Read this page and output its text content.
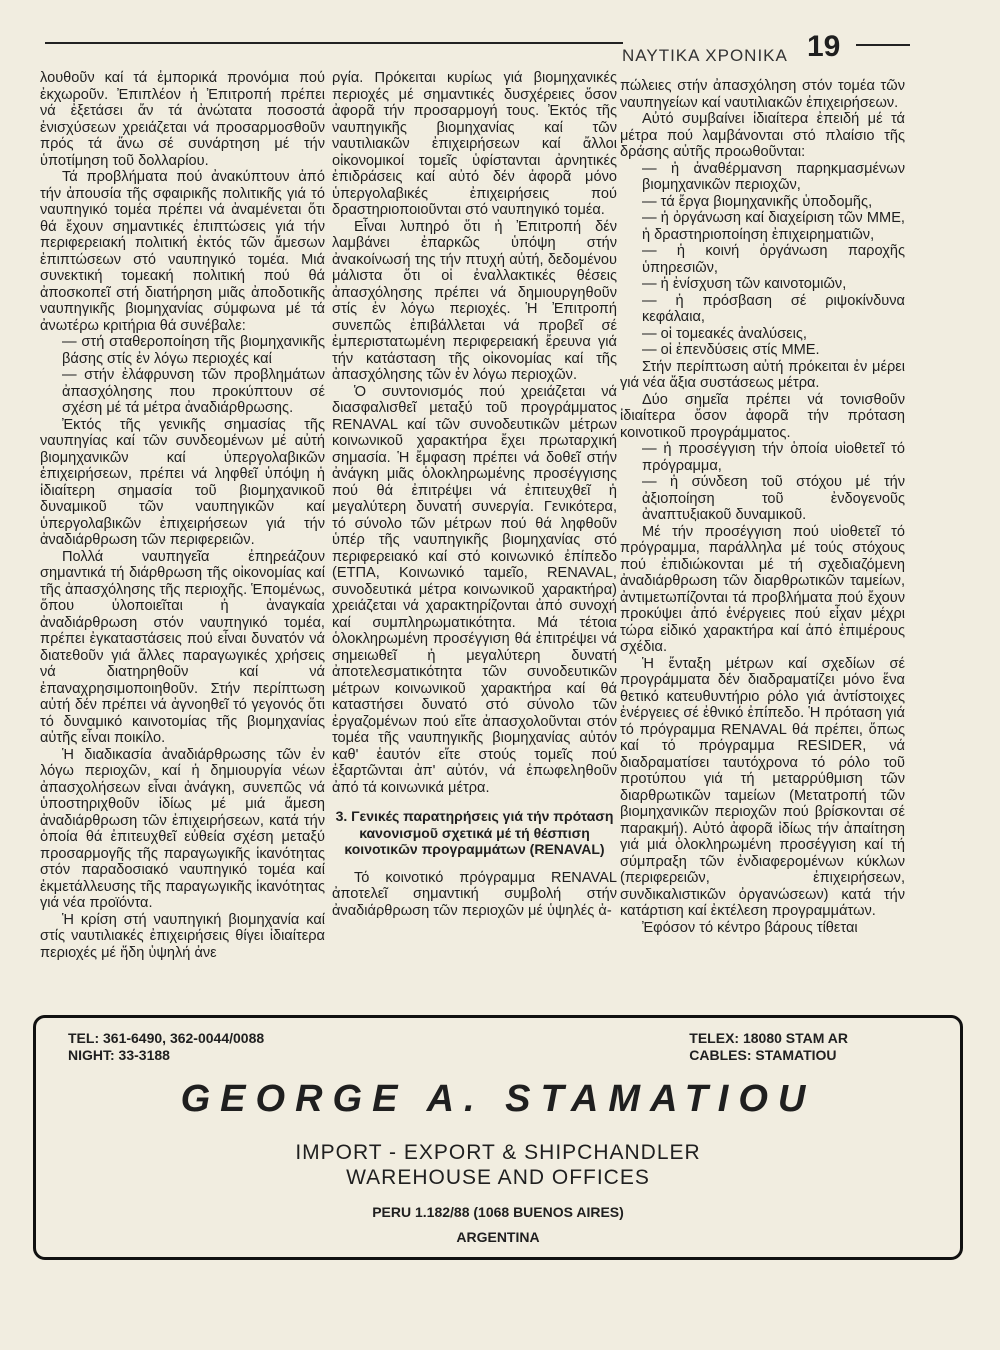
ΝΑΥΤΙΚΑ ΧΡΟΝΙΚΑ 19

λουθοῦν καί τά ἐμπορικά προνόμια πού ἐκχωροῦν. Ἐπιπλέον ἡ Ἐπιτροπή πρέπει νά ἐξετάσει ἄν τά ἀνώτατα ποσοστά ἐνισχύσεων χρειάζεται νά προσαρμοσθοῦν πρός τά ἄνω σέ συνάρτηση μέ τήν ὑποτίμηση τοῦ δολλαρίου.

Τά προβλήματα πού ἀνακύπτουν ἀπό τήν ἀπουσία τῆς σφαιρικῆς πολιτικῆς γιά τό ναυπηγικό τομέα πρέπει νά ἀναμένεται ὅτι θά ἔχουν σημαντικές ἐπιπτώσεις γιά τήν περιφερειακή πολιτική ἐκτός τῶν ἄμεσων ἐπιπτώσεων στό ναυπηγικό τομέα. Μιά συνεκτική τομεακή πολιτική πού θά ἀποσκοπεῖ στή διατήρηση μιᾶς ἀποδοτικῆς ναυπηγικῆς βιομηχανίας σύμφωνα μέ τά ἀνωτέρω κριτήρια θά συνέβαλε:

— στή σταθεροποίηση τῆς βιομηχανικῆς βάσης στίς ἐν λόγω περιοχές καί

— στήν ἐλάφρυνση τῶν προβλημάτων ἀπασχόλησης που προκύπτουν σέ σχέση μέ τά μέτρα ἀναδιάρθρωσης.

Ἐκτός τῆς γενικῆς σημασίας τῆς ναυπηγίας καί τῶν συνδεομένων μέ αὐτή βιομηχανικῶν καί ὑπεργολαβικῶν ἐπιχειρήσεων, πρέπει νά ληφθεῖ ὑπόψη ἡ ἰδιαίτερη σημασία τοῦ βιομηχανικοῦ δυναμικοῦ τῶν ναυπηγικῶν καί ὑπεργολαβικῶν ἐπιχειρήσεων γιά τήν ἀναδιάρθρωση τῶν περιφερειῶν.

Πολλά ναυπηγεῖα ἐπηρεάζουν σημαντικά τή διάρθρωση τῆς οἰκονομίας καί τῆς ἀπασχόλησης τῆς περιοχῆς. Ἑπομένως, ὅπου ὑλοποιεῖται ἡ ἀναγκαία ἀναδιάρθρωση στόν ναυπηγικό τομέα, πρέπει ἐγκαταστάσεις πού εἶναι δυνατόν νά διατεθοῦν γιά ἄλλες παραγωγικές χρήσεις νά διατηρηθοῦν καί νά ἐπαναχρησιμοποιηθοῦν. Στήν περίπτωση αὐτή δέν πρέπει νά ἀγνοηθεῖ τό γεγονός ὅτι τό δυναμικό καινοτομίας τῆς βιομηχανίας αὐτῆς εἶναι ποικίλο.

Ἡ διαδικασία ἀναδιάρθρωσης τῶν ἐν λόγω περιοχῶν, καί ἡ δημιουργία νέων ἀπασχολήσεων εἶναι ἀνάγκη, συνεπῶς νά ὑποστηριχθοῦν ἰδίως μέ μιά ἄμεση ἀναδιάρθρωση τῶν ἐπιχειρήσεων, κατά τήν ὁποία θά ἐπιτευχθεῖ εὐθεία σχέση μεταξύ προσαρμογῆς τῆς παραγωγικῆς ἱκανότητας στόν παραδοσιακό ναυπηγικό τομέα καί ἐκμετάλλευσης τῆς παραγωγικῆς ἱκανότητας γιά νέα προϊόντα.

Ἡ κρίση στή ναυπηγική βιομηχανία καί στίς ναυτιλιακές ἐπιχειρήσεις θίγει ἰδιαίτερα περιοχές μέ ἤδη ὑψηλή ἀνε

ργία. Πρόκειται κυρίως γιά βιομηχανικές περιοχές μέ σημαντικές δυσχέρειες ὅσον ἀφορᾶ τήν προσαρμογή τους. Ἐκτός τῆς ναυπηγικῆς βιομηχανίας καί τῶν ναυτιλιακῶν ἐπιχειρήσεων καί ἄλλοι οἰκονομικοί τομεῖς ὑφίστανται ἀρνητικές ἐπιδράσεις καί αὐτό δέν ἀφορᾶ μόνο ὑπεργολαβικές ἐπιχειρήσεις πού δραστηριοποιοῦνται στό ναυπηγικό τομέα.

Εἶναι λυπηρό ὅτι ἡ Ἐπιτροπή δέν λαμβάνει ἐπαρκῶς ὑπόψη στήν ἀνακοίνωσή της τήν πτυχή αὐτή, δεδομένου μάλιστα ὅτι οἱ ἐναλλακτικές θέσεις ἀπασχόλησης πρέπει νά δημιουργηθοῦν στίς ἐν λόγω περιοχές. Ἡ Ἐπιτροπή συνεπῶς ἐπιβάλλεται νά προβεῖ σέ ἐμπεριστατωμένη περιφερειακή ἔρευνα γιά τήν κατάσταση τῆς οἰκονομίας καί τῆς ἀπασχόλησης τῶν ἐν λόγω περιοχῶν.

Ὁ συντονισμός πού χρειάζεται νά διασφαλισθεῖ μεταξύ τοῦ προγράμματος RENAVAL καί τῶν συνοδευτικῶν μέτρων κοινωνικοῦ χαρακτήρα ἔχει πρωταρχική σημασία. Ἡ ἔμφαση πρέπει νά δοθεῖ στήν ἀνάγκη μιᾶς ὁλοκληρωμένης προσέγγισης πού θά ἐπιτρέψει νά ἐπιτευχθεῖ ἡ μεγαλύτερη δυνατή συνεργία. Γενικότερα, τό σύνολο τῶν μέτρων πού θά ληφθοῦν ὑπέρ τῆς ναυπηγικῆς βιομηχανίας στό περιφερειακό καί στό κοινωνικό ἐπίπεδο (ΕΤΠΑ, Κοινωνικό ταμεῖο, RENAVAL, συνοδευτικά μέτρα κοινωνικοῦ χαρακτήρα) χρειάζεται νά χαρακτηρίζονται ἀπό συνοχή καί συμπληρωματικότητα. Μά τέτοια ὁλοκληρωμένη προσέγγιση θά ἐπιτρέψει νά σημειωθεῖ ἡ μεγαλύτερη δυνατή ἀποτελεσματικότητα τῶν συνοδευτικῶν μέτρων κοινωνικοῦ χαρακτήρα καί θά καταστήσει δυνατό στό σύνολο τῶν ἐργαζομένων πού εἴτε ἀπασχολοῦνται στόν τομέα τῆς ναυπηγικῆς βιομηχανίας αὐτόν καθ' ἑαυτόν εἴτε στούς τομεῖς πού ἐξαρτῶνται ἀπ' αὐτόν, νά ἐπωφεληθοῦν ἀπό τά κοινωνικά μέτρα.

3. Γενικές παρατηρήσεις γιά τήν πρόταση κανονισμοῦ σχετικά μέ τή θέσπιση κοινοτικῶν προγραμμάτων (RENAVAL)

Τό κοινοτικό πρόγραμμα RENAVAL ἀποτελεῖ σημαντική συμβολή στήν ἀναδιάρθρωση τῶν περιοχῶν μέ ὑψηλές ἀ-

πώλειες στήν ἀπασχόληση στόν τομέα τῶν ναυπηγείων καί ναυτιλιακῶν ἐπιχειρήσεων.

Αὐτό συμβαίνει ἰδιαίτερα ἐπειδή μέ τά μέτρα πού λαμβάνονται στό πλαίσιο τῆς δράσης αὐτῆς προωθοῦνται:

— ἡ ἀναθέρμανση παρηκμασμένων βιομηχανικῶν περιοχῶν,

— τά ἔργα βιομηχανικῆς ὑποδομῆς,

— ἡ ὀργάνωση καί διαχείριση τῶν ΜΜΕ, ἡ δραστηριοποίηση ἐπιχειρηματιῶν,

— ἡ κοινή ὀργάνωση παροχῆς ὑπηρεσιῶν,

— ἡ ἐνίσχυση τῶν καινοτομιῶν,

— ἡ πρόσβαση σέ ριψοκίνδυνα κεφάλαια,

— οἱ τομεακές ἀναλύσεις,

— οἱ ἐπενδύσεις στίς ΜΜΕ.

Στήν περίπτωση αὐτή πρόκειται ἐν μέρει γιά νέα ἄξια συστάσεως μέτρα.

Δύο σημεῖα πρέπει νά τονισθοῦν ἰδιαίτερα ὅσον ἀφορᾶ τήν πρόταση κοινοτικοῦ προγράμματος.

— ἡ προσέγγιση τήν ὁποία υἱοθετεῖ τό πρόγραμμα,

— ἡ σύνδεση τοῦ στόχου μέ τήν ἀξιοποίηση τοῦ ἐνδογενοῦς ἀναπτυξιακοῦ δυναμικοῦ.

Μέ τήν προσέγγιση πού υἱοθετεῖ τό πρόγραμμα, παράλληλα μέ τούς στόχους πού ἐπιδιώκονται μέ τή σχεδιαζόμενη ἀναδιάρθρωση τῶν διαρθρωτικῶν ταμείων, ἀντιμετωπίζονται τά προβλήματα πού ἔχουν προκύψει ἀπό ἐνέργειες πού εἶχαν μέχρι τώρα εἰδικό χαρακτήρα καί ἀπό ἐπιμέρους σχέδια.

Ἡ ἔνταξη μέτρων καί σχεδίων σέ προγράμματα δέν διαδραματίζει μόνο ἕνα θετικό κατευθυντήριο ρόλο γιά ἀντίστοιχες ἐνέργειες σέ ἐθνικό ἐπίπεδο. Ἡ πρόταση γιά τό πρόγραμμα RENAVAL θά πρέπει, ὅπως καί τό πρόγραμμα RESIDER, νά διαδραματίσει ταυτόχρονα τό ρόλο τοῦ προτύπου γιά τή μεταρρύθμιση τῶν διαρθρωτικῶν ταμείων (Μετατροπή τῶν βιομηχανικῶν περιοχῶν πού βρίσκονται σέ παρακμή). Αὐτό ἀφορᾶ ἰδίως τήν ἀπαίτηση γιά μιά ὁλοκληρωμένη προσέγγιση καί τή σύμπραξη τῶν ἐνδιαφερομένων κύκλων (περιφερειῶν, ἐπιχειρήσεων, συνδικαλιστικῶν ὀργανώσεων) κατά τήν κατάρτιση καί ἐκτέλεση προγραμμάτων.

Ἐφόσον τό κέντρο βάρους τίθεται

TEL: 361-6490, 362-0044/0088
NIGHT: 33-3188
TELEX: 18080 STAM AR
CABLES: STAMATIOU
GEORGE A. STAMATIOU
IMPORT - EXPORT & SHIPCHANDLER
WAREHOUSE AND OFFICES
PERU 1.182/88 (1068 BUENOS AIRES)
ARGENTINA
